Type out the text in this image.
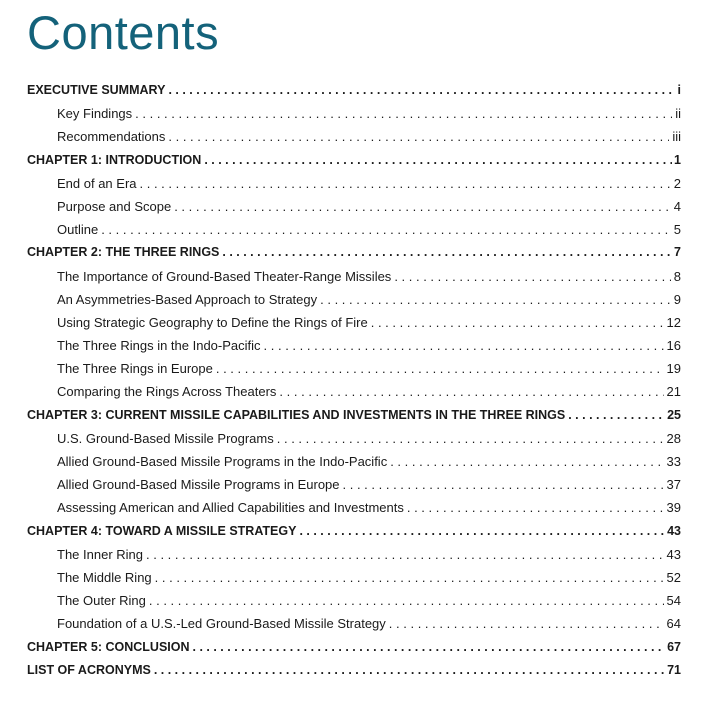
Contents
EXECUTIVE SUMMARY . . .	i
Key Findings . . .	ii
Recommendations . . .	iii
CHAPTER 1: INTRODUCTION . . .	1
End of an Era . . .	2
Purpose and Scope . . .	4
Outline . . .	5
CHAPTER 2: THE THREE RINGS . . .	7
The Importance of Ground-Based Theater-Range Missiles . . .	8
An Asymmetries-Based Approach to Strategy . . .	9
Using Strategic Geography to Define the Rings of Fire . . .	12
The Three Rings in the Indo-Pacific . . .	16
The Three Rings in Europe . . .	19
Comparing the Rings Across Theaters . . .	21
CHAPTER 3: CURRENT MISSILE CAPABILITIES AND INVESTMENTS IN THE THREE RINGS . . .	25
U.S. Ground-Based Missile Programs . . .	28
Allied Ground-Based Missile Programs in the Indo-Pacific . . .	33
Allied Ground-Based Missile Programs in Europe . . .	37
Assessing American and Allied Capabilities and Investments . . .	39
CHAPTER 4: TOWARD A MISSILE STRATEGY . . .	43
The Inner Ring . . .	43
The Middle Ring . . .	52
The Outer Ring . . .	54
Foundation of a U.S.-Led Ground-Based Missile Strategy . . .	64
CHAPTER 5: CONCLUSION . . .	67
LIST OF ACRONYMS . . .	71
